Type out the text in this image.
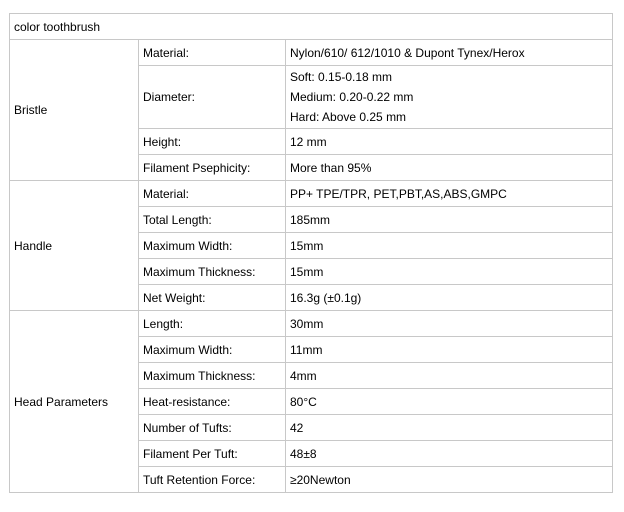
color toothbrush		
Bristle	Material:	Nylon/610/ 612/1010 & Dupont Tynex/Herox
	Diameter:	Soft: 0.15-0.18 mm
Medium: 0.20-0.22 mm
Hard: Above 0.25 mm

	Height:	12 mm
	Filament Psephicity:	More than 95%
Handle	Material:	PP+ TPE/TPR, PET,PBT,AS,ABS,GMPC
	Total Length:	185mm
	Maximum Width:	15mm
	Maximum Thickness:	15mm
	Net Weight:	16.3g (±0.1g)
Head Parameters	Length:	30mm
	Maximum Width:	11mm
	Maximum Thickness:	4mm
	Heat-resistance:	80°C
	Number of Tufts:	42
	Filament Per Tuft:	48±8
	Tuft Retention Force:	≥20Newton
